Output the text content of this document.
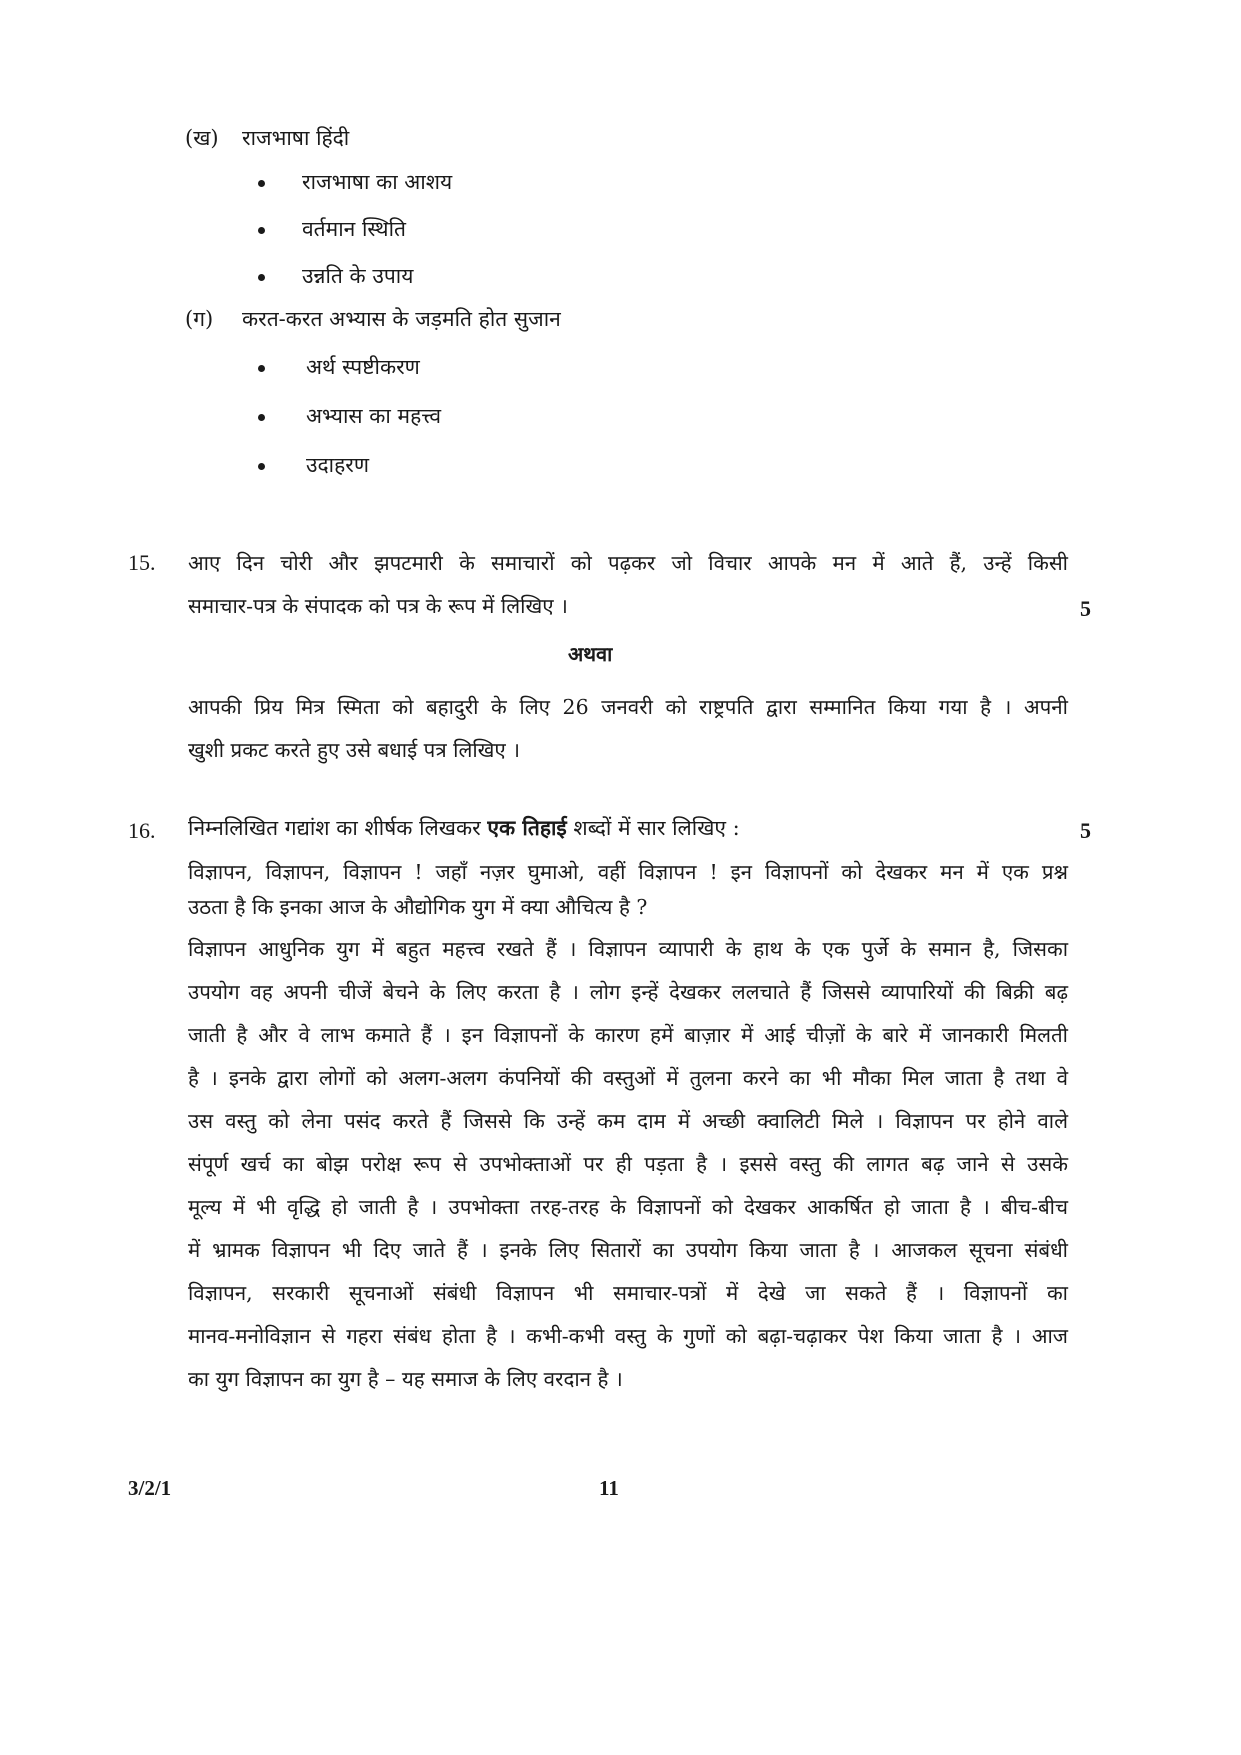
(ख) राजभाषा हिंदी
राजभाषा का आशय
वर्तमान स्थिति
उन्नति के उपाय
(ग) करत-करत अभ्यास के जड़मति होत सुजान
अर्थ स्पष्टीकरण
अभ्यास का महत्त्व
उदाहरण
15. आए दिन चोरी और झपटमारी के समाचारों को पढ़कर जो विचार आपके मन में आते हैं, उन्हें किसी

समाचार-पत्र के संपादक को पत्र के रूप में लिखिए ।	5
अथवा

आपकी प्रिय मित्र स्मिता को बहादुरी के लिए 26 जनवरी को राष्ट्रपति द्वारा सम्मानित किया गया है । अपनी

खुशी प्रकट करते हुए उसे बधाई पत्र लिखिए ।

16. निम्नलिखित गद्यांश का शीर्षक लिखकर एक तिहाई शब्दों में सार लिखिए :	5

विज्ञापन, विज्ञापन, विज्ञापन ! जहाँ नज़र घुमाओ, वहीं विज्ञापन ! इन विज्ञापनों को देखकर मन में एक प्रश्न

उठता है कि इनका आज के औद्योगिक युग में क्या औचित्य है ?

विज्ञापन आधुनिक युग में बहुत महत्त्व रखते हैं । विज्ञापन व्यापारी के हाथ के एक पुर्जे के समान है, जिसका

उपयोग वह अपनी चीजें बेचने के लिए करता है । लोग इन्हें देखकर ललचाते हैं जिससे व्यापारियों की बिक्री बढ़

जाती है और वे लाभ कमाते हैं । इन विज्ञापनों के कारण हमें बाज़ार में आई चीज़ों के बारे में जानकारी मिलती

है । इनके द्वारा लोगों को अलग-अलग कंपनियों की वस्तुओं में तुलना करने का भी मौका मिल जाता है तथा वे

उस वस्तु को लेना पसंद करते हैं जिससे कि उन्हें कम दाम में अच्छी क्वालिटी मिले । विज्ञापन पर होने वाले

संपूर्ण खर्च का बोझ परोक्ष रूप से उपभोक्ताओं पर ही पड़ता है । इससे वस्तु की लागत बढ़ जाने से उसके

मूल्य में भी वृद्धि हो जाती है । उपभोक्ता तरह-तरह के विज्ञापनों को देखकर आकर्षित हो जाता है । बीच-बीच

में भ्रामक विज्ञापन भी दिए जाते हैं । इनके लिए सितारों का उपयोग किया जाता है । आजकल सूचना संबंधी

विज्ञापन, सरकारी सूचनाओं संबंधी विज्ञापन भी समाचार-पत्रों में देखे जा सकते हैं । विज्ञापनों का

मानव-मनोविज्ञान से गहरा संबंध होता है । कभी-कभी वस्तु के गुणों को बढ़ा-चढ़ाकर पेश किया जाता है । आज

का युग विज्ञापन का युग है – यह समाज के लिए वरदान है ।

3/2/1	11
